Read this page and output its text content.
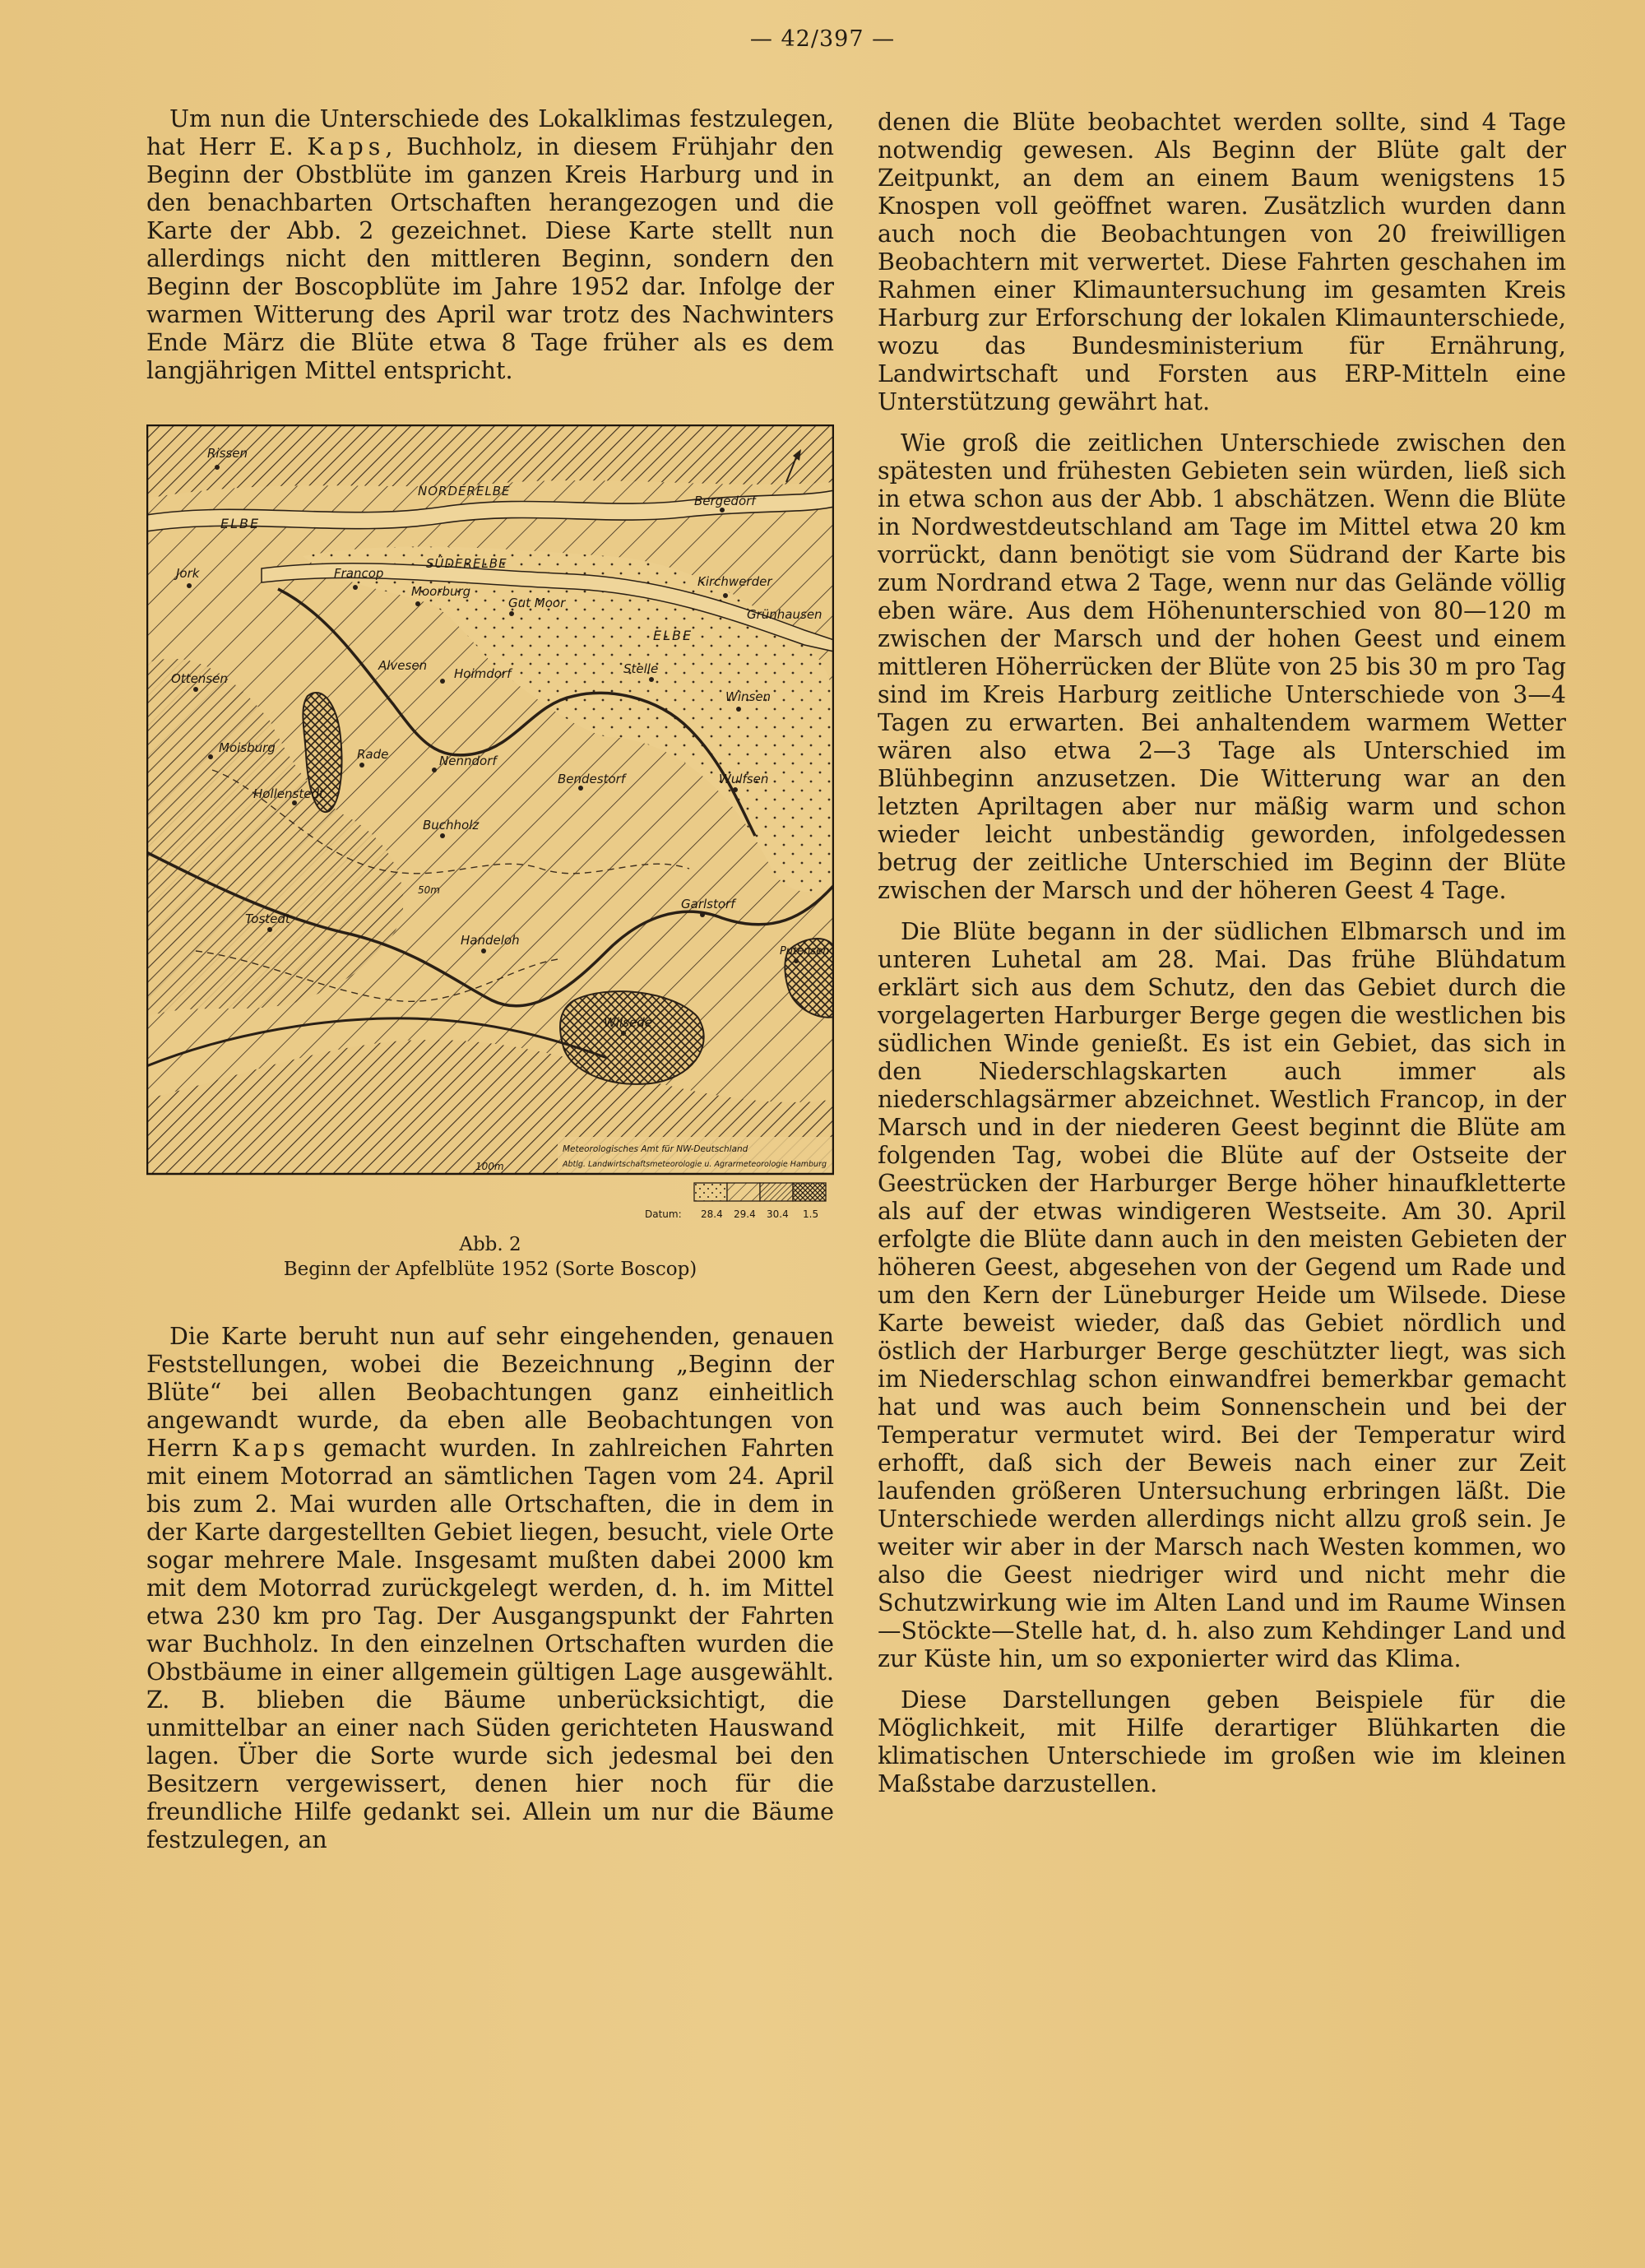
— 42/397 —

Um nun die Unterschiede des Lokalklimas festzulegen, hat Herr E. Kaps, Buchholz, in diesem Frühjahr den Beginn der Obstblüte im ganzen Kreis Harburg und in den benachbarten Ortschaften herangezogen und die Karte der Abb. 2 gezeichnet. Diese Karte stellt nun allerdings nicht den mittleren Beginn, sondern den Beginn der Boscopblüte im Jahre 1952 dar. Infolge der warmen Witterung des April war trotz des Nachwinters Ende März die Blüte etwa 8 Tage früher als es dem langjährigen Mittel entspricht.

Rissen
NORDERELBE
ELBE
Bergedorf
Jork	Francop
SÜDERELBE
Kirchwerder
Moorburg
Gut Moor
ELBE
Grünhausen
Alvesen
Hoimdorf
Ottensen
Stelle
Winsen
Moisburg	Rade	Nenndorf
Hollenstedt
Bendestorf	Wulfsen
Buchholz
Garlstorf
Putensen
Tostedt
Handeloh
Wilsede
50m
100m
Meteorologisches Amt für NW-Deutschland
Abtlg. Landwirtschaftsmeteorologie u. Agrarmeteorologie Hamburg
Datum: 28.4 29.4 30.4 1.5
Abb. 2
Beginn der Apfelblüte 1952 (Sorte Boscop)

Die Karte beruht nun auf sehr eingehenden, genauen Feststellungen, wobei die Bezeichnung „Beginn der Blüte“ bei allen Beobachtungen ganz einheitlich angewandt wurde, da eben alle Beobachtungen von Herrn Kaps gemacht wurden. In zahlreichen Fahrten mit einem Motorrad an sämtlichen Tagen vom 24. April bis zum 2. Mai wurden alle Ortschaften, die in dem in der Karte dargestellten Gebiet liegen, besucht, viele Orte sogar mehrere Male. Insgesamt mußten dabei 2000 km mit dem Motorrad zurückgelegt werden, d. h. im Mittel etwa 230 km pro Tag. Der Ausgangspunkt der Fahrten war Buchholz. In den einzelnen Ortschaften wurden die Obstbäume in einer allgemein gültigen Lage ausgewählt. Z. B. blieben die Bäume unberücksichtigt, die unmittelbar an einer nach Süden gerichteten Hauswand lagen. Über die Sorte wurde sich jedesmal bei den Besitzern vergewissert, denen hier noch für die freundliche Hilfe gedankt sei. Allein um nur die Bäume festzulegen, an

denen die Blüte beobachtet werden sollte, sind 4 Tage notwendig gewesen. Als Beginn der Blüte galt der Zeitpunkt, an dem an einem Baum wenigstens 15 Knospen voll geöffnet waren. Zusätzlich wurden dann auch noch die Beobachtungen von 20 freiwilligen Beobachtern mit verwertet. Diese Fahrten geschahen im Rahmen einer Klimauntersuchung im gesamten Kreis Harburg zur Erforschung der lokalen Klimaunterschiede, wozu das Bundesministerium für Ernährung, Landwirtschaft und Forsten aus ERP-Mitteln eine Unterstützung gewährt hat.

Wie groß die zeitlichen Unterschiede zwischen den spätesten und frühesten Gebieten sein würden, ließ sich in etwa schon aus der Abb. 1 abschätzen. Wenn die Blüte in Nordwestdeutschland am Tage im Mittel etwa 20 km vorrückt, dann benötigt sie vom Südrand der Karte bis zum Nordrand etwa 2 Tage, wenn nur das Gelände völlig eben wäre. Aus dem Höhenunterschied von 80—120 m zwischen der Marsch und der hohen Geest und einem mittleren Höherrücken der Blüte von 25 bis 30 m pro Tag sind im Kreis Harburg zeitliche Unterschiede von 3—4 Tagen zu erwarten. Bei anhaltendem warmem Wetter wären also etwa 2—3 Tage als Unterschied im Blühbeginn anzusetzen. Die Witterung war an den letzten Apriltagen aber nur mäßig warm und schon wieder leicht unbeständig geworden, infolgedessen betrug der zeitliche Unterschied im Beginn der Blüte zwischen der Marsch und der höheren Geest 4 Tage.

Die Blüte begann in der südlichen Elbmarsch und im unteren Luhetal am 28. Mai. Das frühe Blühdatum erklärt sich aus dem Schutz, den das Gebiet durch die vorgelagerten Harburger Berge gegen die westlichen bis südlichen Winde genießt. Es ist ein Gebiet, das sich in den Niederschlagskarten auch immer als niederschlagsärmer abzeichnet. Westlich Francop, in der Marsch und in der niederen Geest beginnt die Blüte am folgenden Tag, wobei die Blüte auf der Ostseite der Geestrücken der Harburger Berge höher hinaufkletterte als auf der etwas windigeren Westseite. Am 30. April erfolgte die Blüte dann auch in den meisten Gebieten der höheren Geest, abgesehen von der Gegend um Rade und um den Kern der Lüneburger Heide um Wilsede. Diese Karte beweist wieder, daß das Gebiet nördlich und östlich der Harburger Berge geschützter liegt, was sich im Niederschlag schon einwandfrei bemerkbar gemacht hat und was auch beim Sonnenschein und bei der Temperatur vermutet wird. Bei der Temperatur wird erhofft, daß sich der Beweis nach einer zur Zeit laufenden größeren Untersuchung erbringen läßt. Die Unterschiede werden allerdings nicht allzu groß sein. Je weiter wir aber in der Marsch nach Westen kommen, wo also die Geest niedriger wird und nicht mehr die Schutzwirkung wie im Alten Land und im Raume Winsen—Stöckte—Stelle hat, d. h. also zum Kehdinger Land und zur Küste hin, um so exponierter wird das Klima.

Diese Darstellungen geben Beispiele für die Möglichkeit, mit Hilfe derartiger Blühkarten die klimatischen Unterschiede im großen wie im kleinen Maßstabe darzustellen.
